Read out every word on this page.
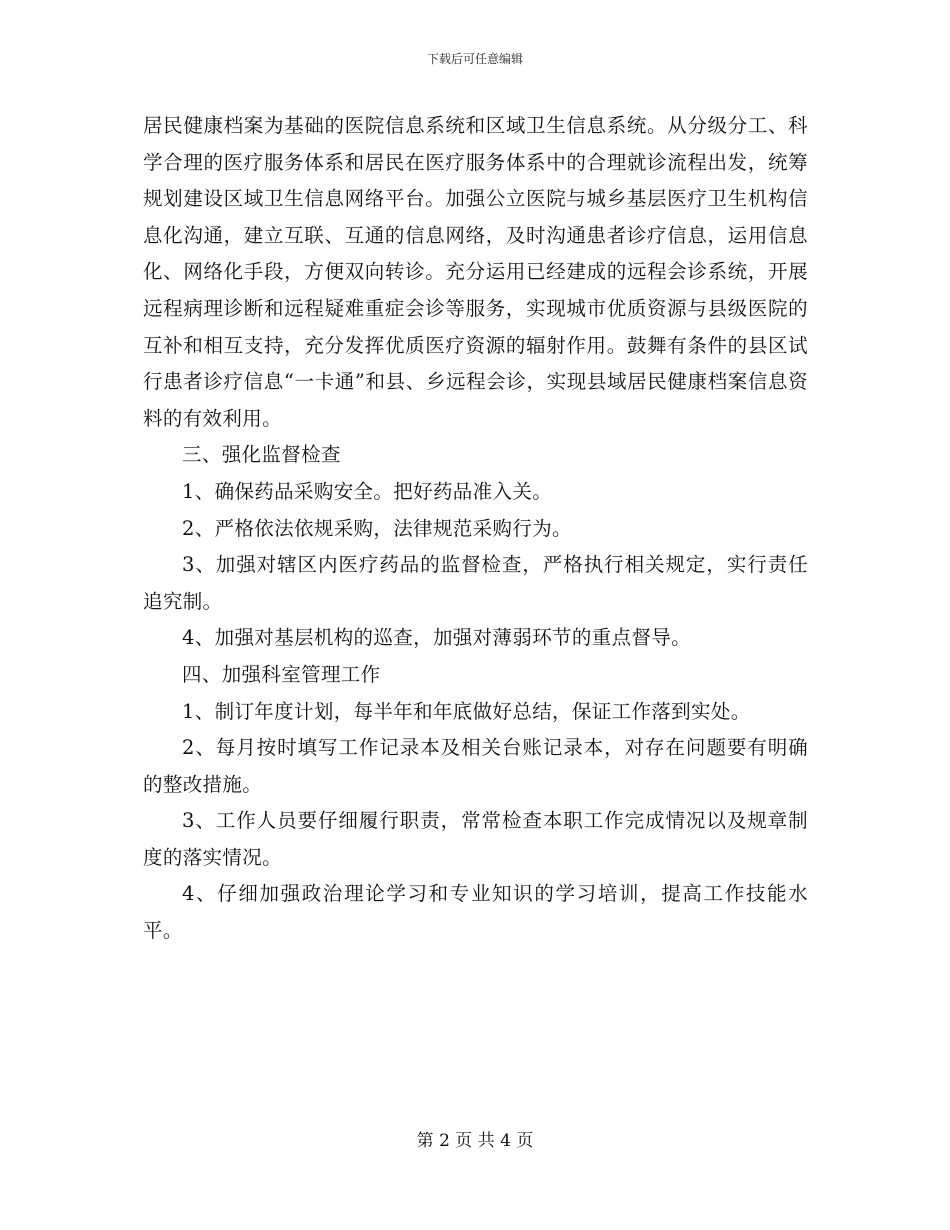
下载后可任意编辑

居民健康档案为基础的医院信息系统和区域卫生信息系统。从分级分工、科学合理的医疗服务体系和居民在医疗服务体系中的合理就诊流程出发，统筹规划建设区域卫生信息网络平台。加强公立医院与城乡基层医疗卫生机构信息化沟通，建立互联、互通的信息网络，及时沟通患者诊疗信息，运用信息化、网络化手段，方便双向转诊。充分运用已经建成的远程会诊系统，开展远程病理诊断和远程疑难重症会诊等服务，实现城市优质资源与县级医院的互补和相互支持，充分发挥优质医疗资源的辐射作用。鼓舞有条件的县区试行患者诊疗信息“一卡通”和县、乡远程会诊，实现县域居民健康档案信息资料的有效利用。

三、强化监督检查

1、确保药品采购安全。把好药品准入关。

2、严格依法依规采购，法律规范采购行为。

3、加强对辖区内医疗药品的监督检查，严格执行相关规定，实行责任追究制。

4、加强对基层机构的巡查，加强对薄弱环节的重点督导。

四、加强科室管理工作

1、制订年度计划，每半年和年底做好总结，保证工作落到实处。

2、每月按时填写工作记录本及相关台账记录本，对存在问题要有明确的整改措施。

3、工作人员要仔细履行职责，常常检查本职工作完成情况以及规章制度的落实情况。

4、仔细加强政治理论学习和专业知识的学习培训，提高工作技能水平。

第 2 页 共 4 页
